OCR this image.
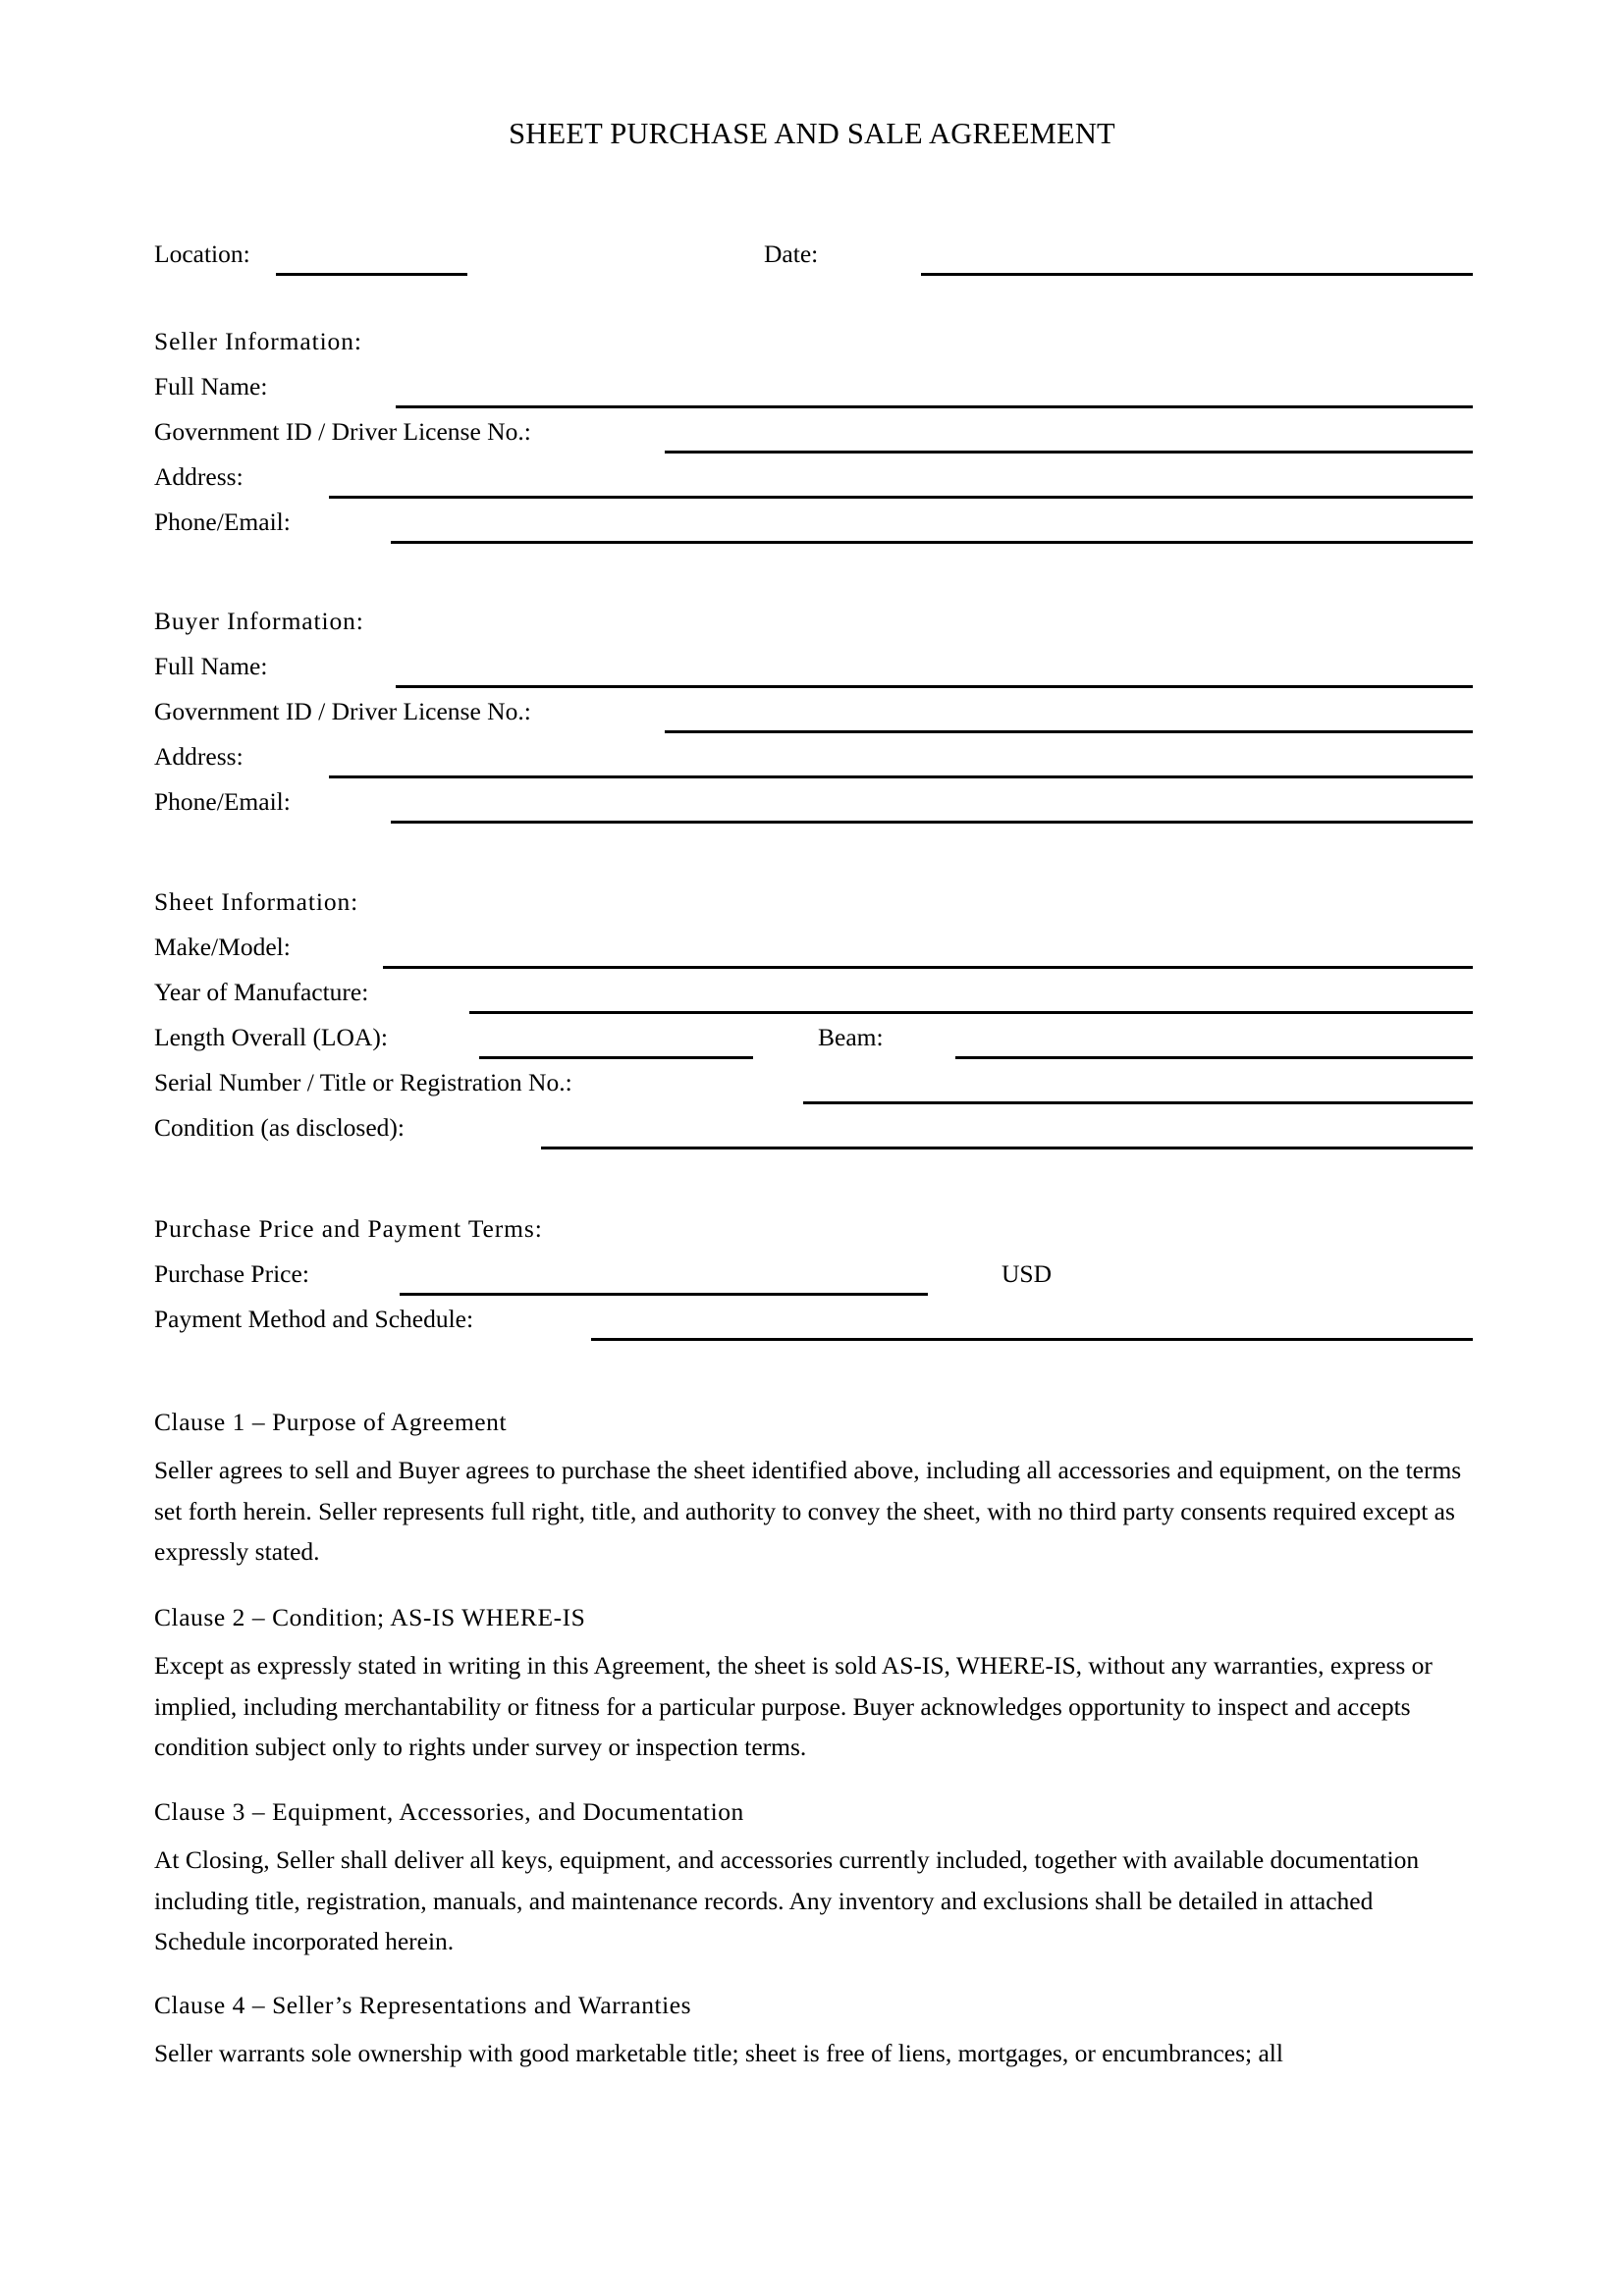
SHEET PURCHASE AND SALE AGREEMENT
Location:	Date:
Seller Information:
Full Name:
Government ID / Driver License No.:
Address:
Phone/Email:
Buyer Information:
Full Name:
Government ID / Driver License No.:
Address:
Phone/Email:
Sheet Information:
Make/Model:
Year of Manufacture:
Length Overall (LOA):	Beam:
Serial Number / Title or Registration No.:
Condition (as disclosed):
Purchase Price and Payment Terms:
Purchase Price:	USD
Payment Method and Schedule:
Clause 1 – Purpose of Agreement
Seller agrees to sell and Buyer agrees to purchase the sheet identified above, including all accessories and equipment, on the terms set forth herein. Seller represents full right, title, and authority to convey the sheet, with no third party consents required except as expressly stated.
Clause 2 – Condition; AS-IS WHERE-IS
Except as expressly stated in writing in this Agreement, the sheet is sold AS-IS, WHERE-IS, without any warranties, express or implied, including merchantability or fitness for a particular purpose. Buyer acknowledges opportunity to inspect and accepts condition subject only to rights under survey or inspection terms.
Clause 3 – Equipment, Accessories, and Documentation
At Closing, Seller shall deliver all keys, equipment, and accessories currently included, together with available documentation including title, registration, manuals, and maintenance records. Any inventory and exclusions shall be detailed in attached Schedule incorporated herein.
Clause 4 – Seller’s Representations and Warranties
Seller warrants sole ownership with good marketable title; sheet is free of liens, mortgages, or encumbrances; all
